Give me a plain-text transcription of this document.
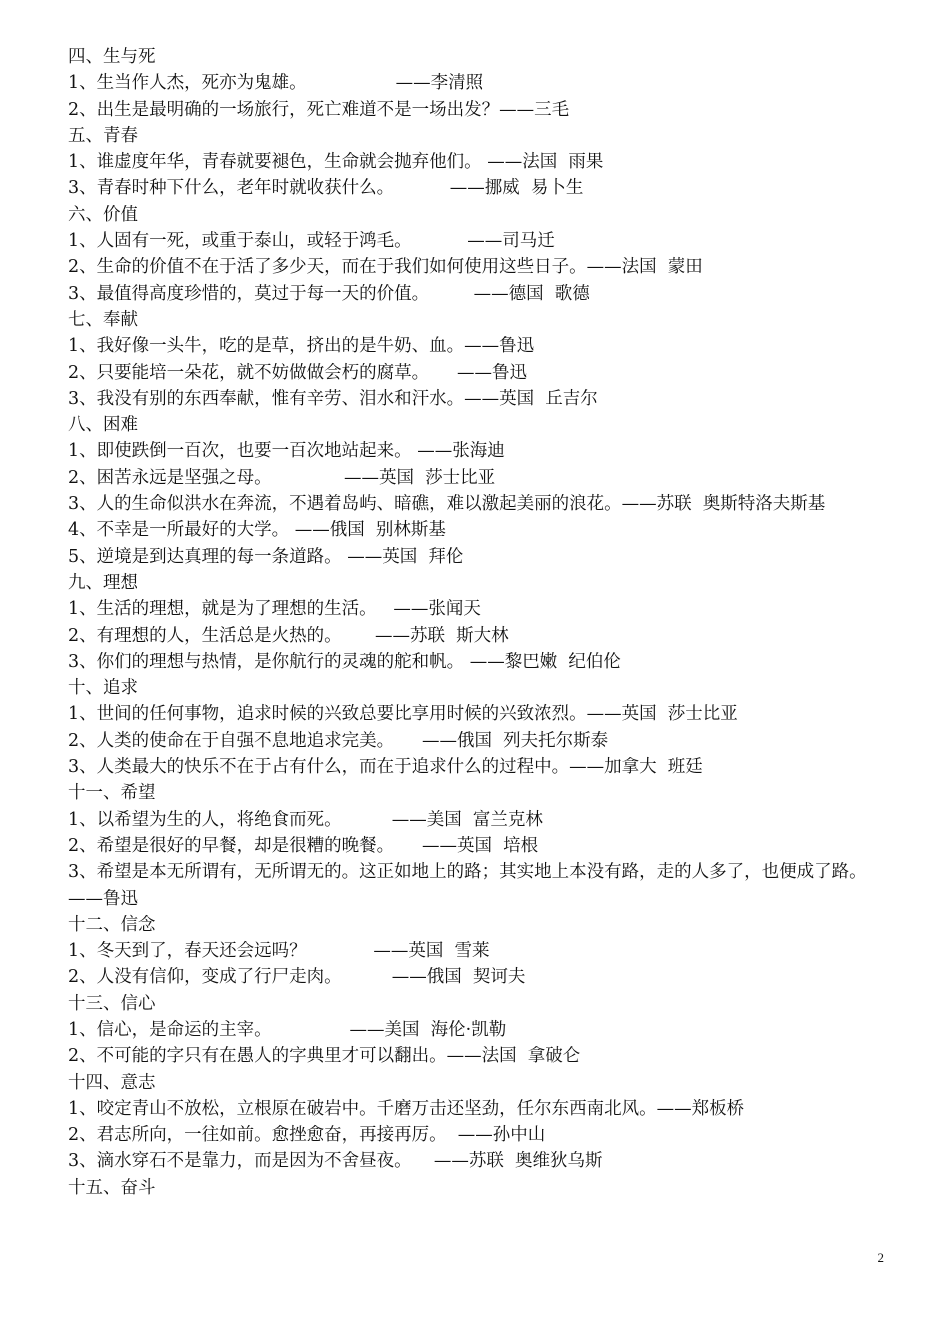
四、生与死

1、生当作人杰，死亦为鬼雄。                ——李清照

2、出生是最明确的一场旅行，死亡难道不是一场出发？——三毛

五、青春

1、谁虚度年华，青春就要褪色，生命就会抛弃他们。 ——法国  雨果

3、青春时种下什么，老年时就收获什么。          ——挪威  易卜生

六、价值

1、人固有一死，或重于泰山，或轻于鸿毛。          ——司马迁

2、生命的价值不在于活了多少天，而在于我们如何使用这些日子。——法国  蒙田

3、最值得高度珍惜的，莫过于每一天的价值。        ——德国  歌德

七、奉献

1、我好像一头牛，吃的是草，挤出的是牛奶、血。——鲁迅

2、只要能培一朵花，就不妨做做会朽的腐草。     ——鲁迅

3、我没有别的东西奉献，惟有辛劳、泪水和汗水。——英国  丘吉尔

八、困难

1、即使跌倒一百次，也要一百次地站起来。 ——张海迪

2、困苦永远是坚强之母。             ——英国  莎士比亚

3、人的生命似洪水在奔流，不遇着岛屿、暗礁，难以激起美丽的浪花。——苏联  奥斯特洛夫斯基

4、不幸是一所最好的大学。 ——俄国  别林斯基

5、逆境是到达真理的每一条道路。 ——英国  拜伦

九、理想

1、生活的理想，就是为了理想的生活。   ——张闻天

2、有理想的人，生活总是火热的。      ——苏联  斯大林

3、你们的理想与热情，是你航行的灵魂的舵和帆。 ——黎巴嫩  纪伯伦

十、追求

1、世间的任何事物，追求时候的兴致总要比享用时候的兴致浓烈。——英国  莎士比亚

2、人类的使命在于自强不息地追求完美。     ——俄国  列夫托尔斯泰

3、人类最大的快乐不在于占有什么，而在于追求什么的过程中。——加拿大  班廷

十一、希望

1、以希望为生的人，将绝食而死。         ——美国  富兰克林

2、希望是很好的早餐，却是很糟的晚餐。     ——英国  培根

3、希望是本无所谓有，无所谓无的。这正如地上的路；其实地上本没有路，走的人多了，也便成了路。         ——鲁迅

十二、信念

1、冬天到了，春天还会远吗？            ——英国  雪莱

2、人没有信仰，变成了行尸走肉。         ——俄国  契诃夫

十三、信心

1、信心，是命运的主宰。              ——美国  海伦·凯勒

2、不可能的字只有在愚人的字典里才可以翻出。——法国  拿破仑

十四、意志

1、咬定青山不放松，立根原在破岩中。千磨万击还坚劲，任尔东西南北风。——郑板桥

2、君志所向，一往如前。愈挫愈奋，再接再厉。  ——孙中山

3、滴水穿石不是靠力，而是因为不舍昼夜。    ——苏联  奥维狄乌斯

十五、奋斗

2
